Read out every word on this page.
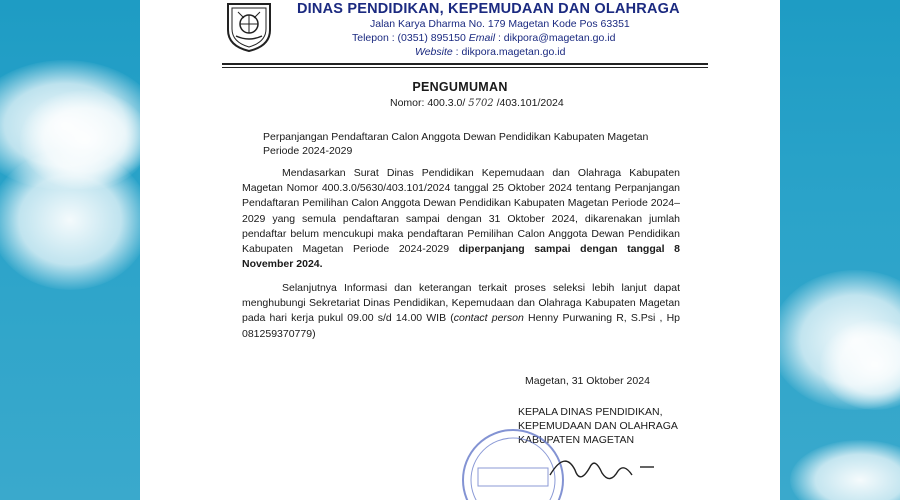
DINAS PENDIDIKAN, KEPEMUDAAN DAN OLAHRAGA
Jalan Karya Dharma No. 179 Magetan Kode Pos 63351
Telepon : (0351) 895150 Email : dikpora@magetan.go.id
Website : dikpora.magetan.go.id
PENGUMUMAN
Nomor: 400.3.0/ 5702 /403.101/2024
Perpanjangan Pendaftaran Calon Anggota Dewan Pendidikan Kabupaten Magetan
Periode 2024-2029
Mendasarkan Surat Dinas Pendidikan Kepemudaan dan Olahraga Kabupaten Magetan Nomor 400.3.0/5630/403.101/2024 tanggal 25 Oktober 2024 tentang Perpanjangan Pendaftaran Pemilihan Calon Anggota Dewan Pendidikan Kabupaten Magetan Periode 2024–2029 yang semula pendaftaran sampai dengan 31 Oktober 2024, dikarenakan jumlah pendaftar belum mencukupi maka pendaftaran Pemilihan Calon Anggota Dewan Pendidikan Kabupaten Magetan Periode 2024-2029 diperpanjang sampai dengan tanggal 8 November 2024.
Selanjutnya Informasi dan keterangan terkait proses seleksi lebih lanjut dapat menghubungi Sekretariat Dinas Pendidikan, Kepemudaan dan Olahraga Kabupaten Magetan pada hari kerja pukul 09.00 s/d 14.00 WIB (contact person Henny Purwaning R, S.Psi , Hp 081259370779)
Magetan, 31 Oktober 2024
KEPALA DINAS PENDIDIKAN,
KEPEMUDAAN DAN OLAHRAGA
KABUPATEN MAGETAN
